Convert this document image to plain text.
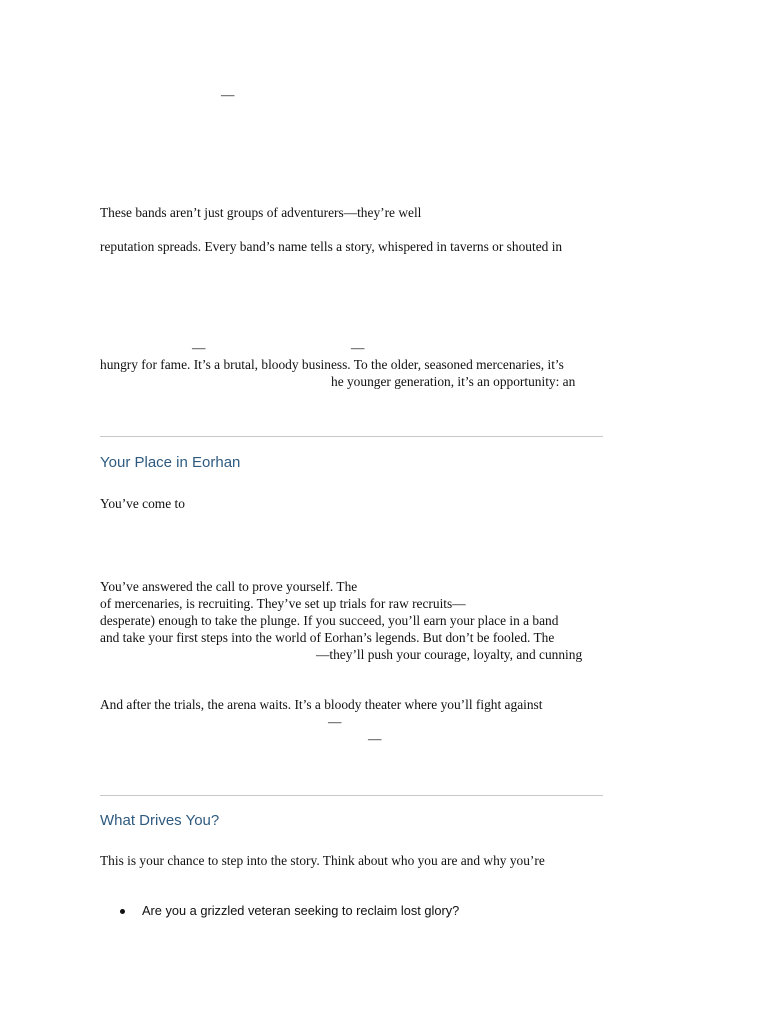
—

These bands aren’t just groups of adventurers—they’re well

reputation spreads. Every band’s name tells a story, whispered in taverns or shouted in

—	—

hungry for fame. It’s a brutal, bloody business. To the older, seasoned mercenaries, it’s

he younger generation, it’s an opportunity: an

Your Place in Eorhan

You’ve come to

You’ve answered the call to prove yourself. The

of mercenaries, is recruiting. They’ve set up trials for raw recruits—

desperate) enough to take the plunge. If you succeed, you’ll earn your place in a band

and take your first steps into the world of Eorhan’s legends. But don’t be fooled. The

—they’ll push your courage, loyalty, and cunning

And after the trials, the arena waits. It’s a bloody theater where you’ll fight against

—
—
What Drives You?

This is your chance to step into the story. Think about who you are and why you’re

Are you a grizzled veteran seeking to reclaim lost glory?
